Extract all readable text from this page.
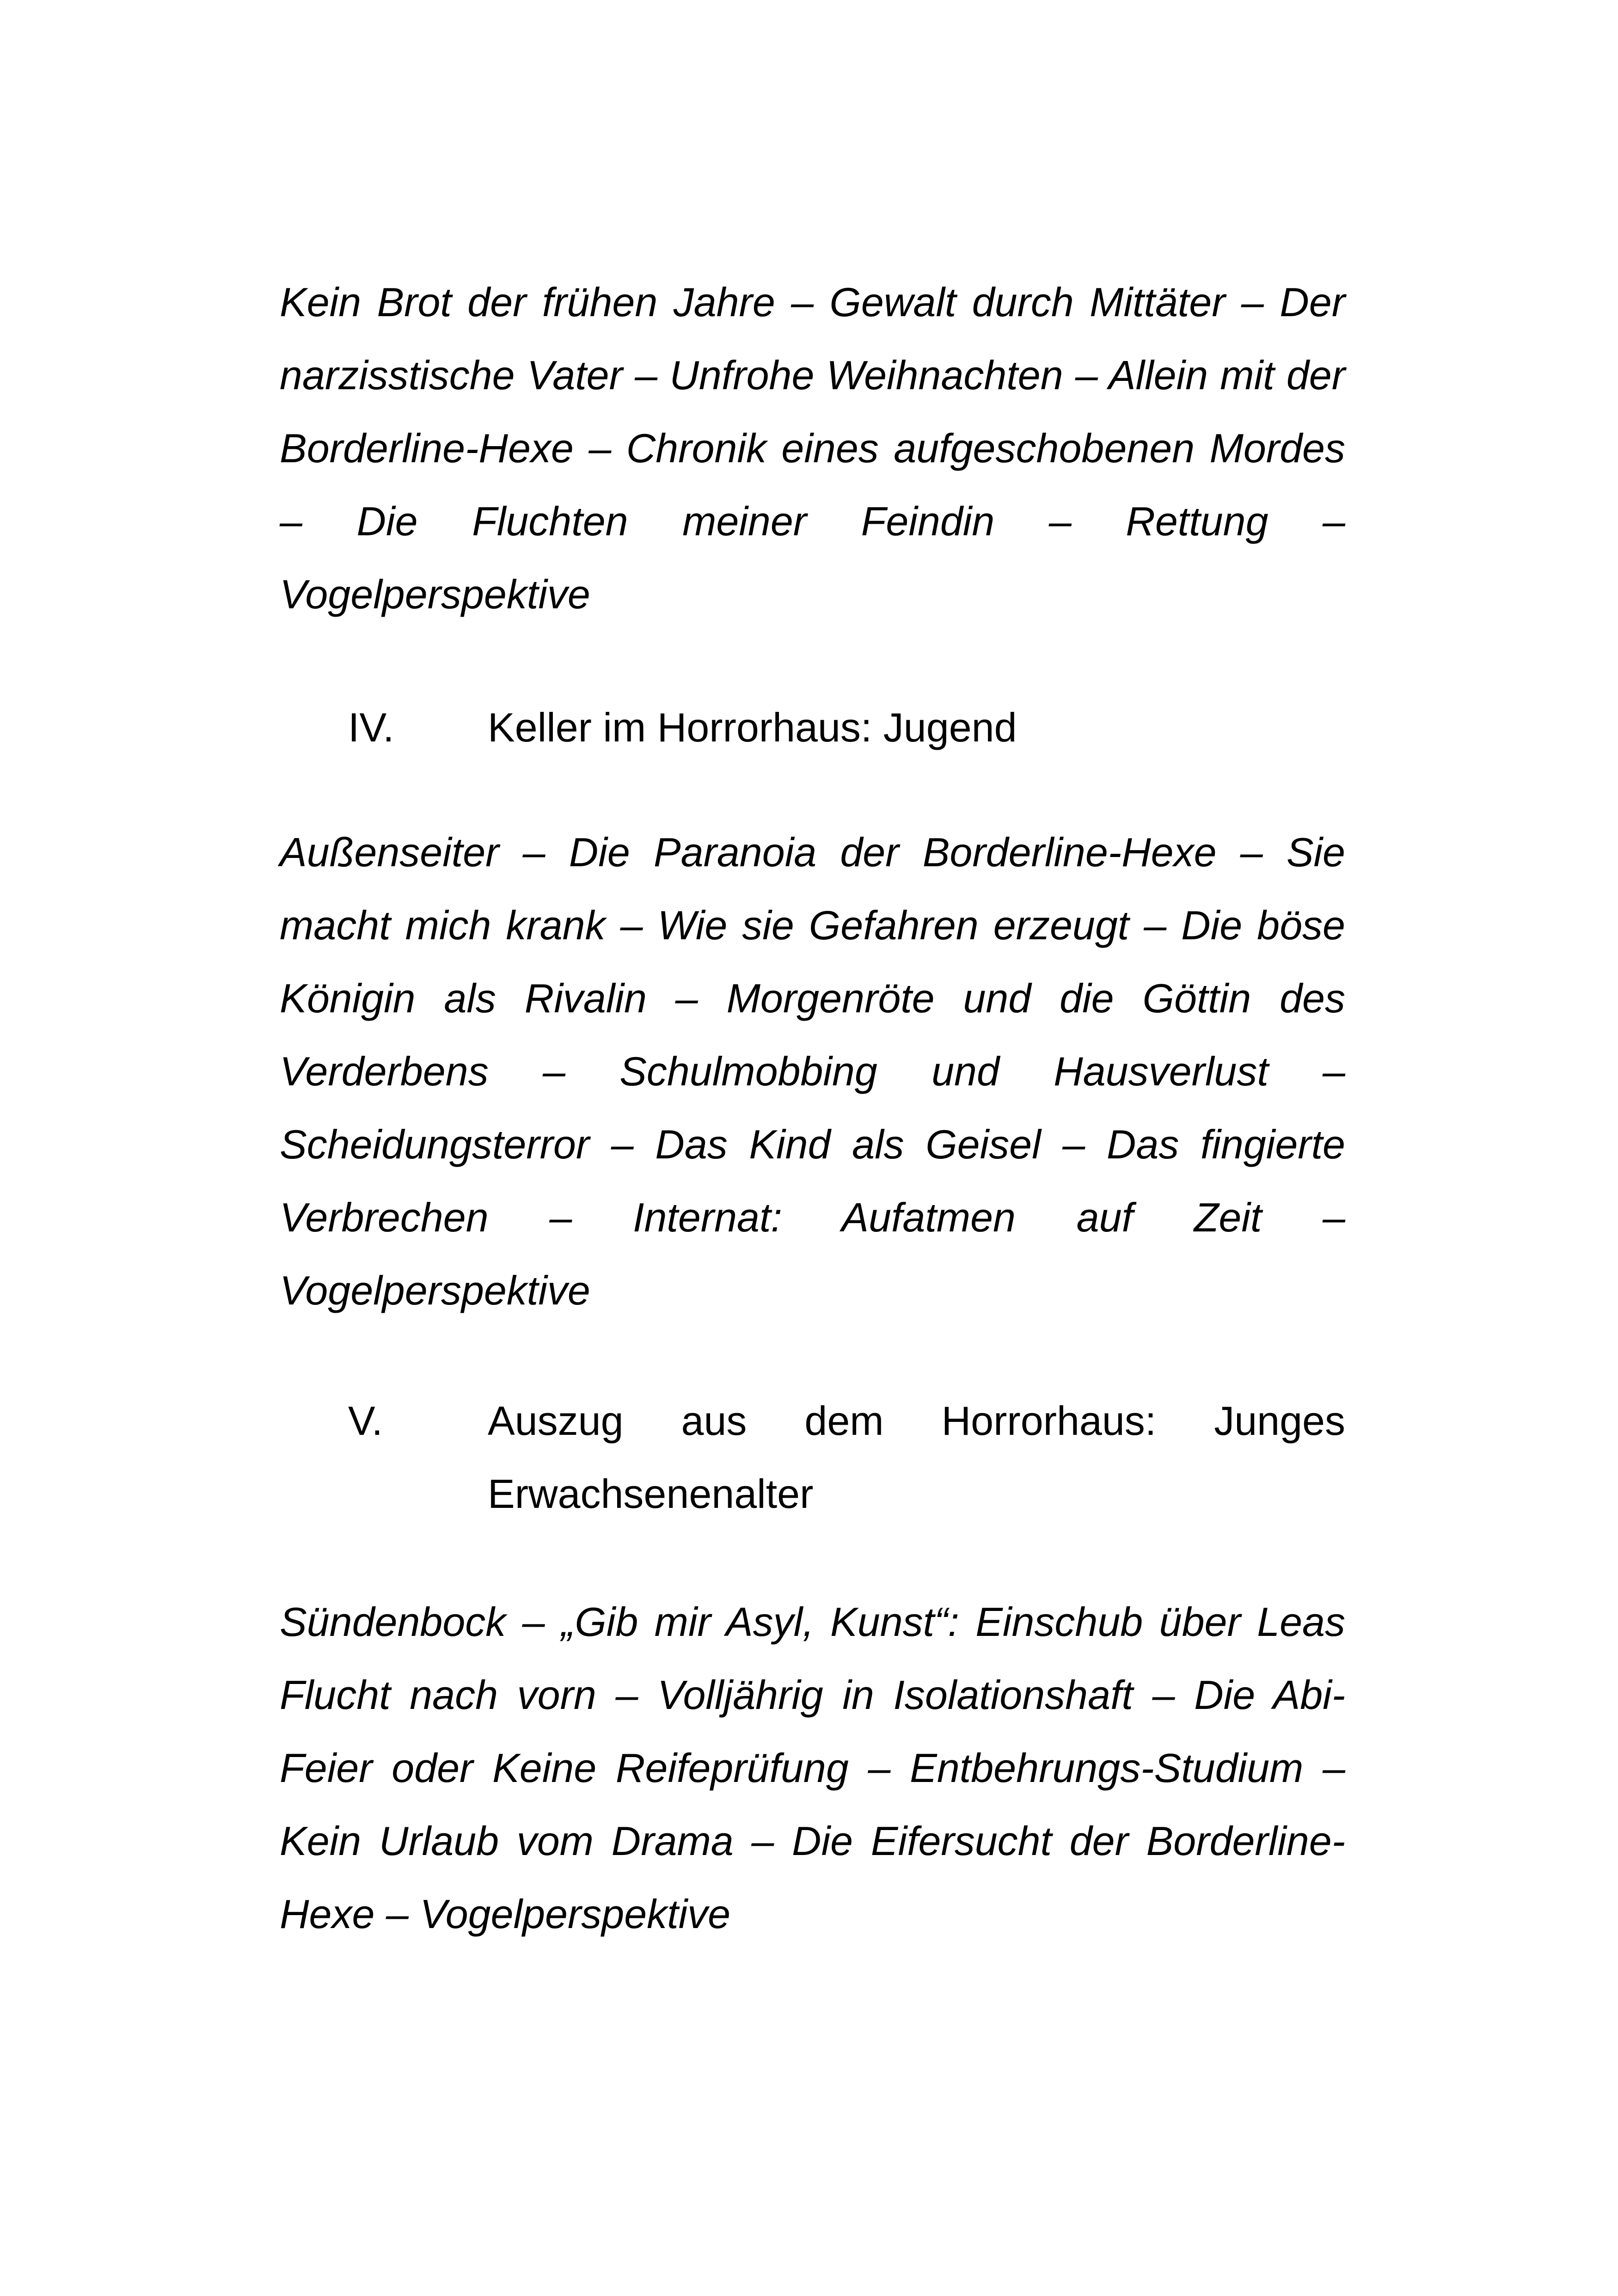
Kein Brot der frühen Jahre – Gewalt durch Mittäter – Der narzisstische Vater – Unfrohe Weihnachten – Allein mit der Borderline-Hexe – Chronik eines aufgeschobenen Mordes – Die Fluchten meiner Feindin – Rettung – Vogelperspektive

IV. Keller im Horrorhaus: Jugend

Außenseiter – Die Paranoia der Borderline-Hexe – Sie macht mich krank – Wie sie Gefahren erzeugt – Die böse Königin als Rivalin – Morgenröte und die Göttin des Verderbens – Schulmobbing und Hausverlust – Scheidungsterror – Das Kind als Geisel – Das fingierte Verbrechen – Internat: Aufatmen auf Zeit – Vogelperspektive

V.	Auszug aus dem Horrorhaus: Junges Erwachsenenalter

Sündenbock – „Gib mir Asyl, Kunst“: Einschub über Leas Flucht nach vorn – Volljährig in Isolationshaft – Die Abi-Feier oder Keine Reifeprüfung – Entbehrungs-Studium – Kein Urlaub vom Drama – Die Eifersucht der Borderline-Hexe – Vogelperspektive
